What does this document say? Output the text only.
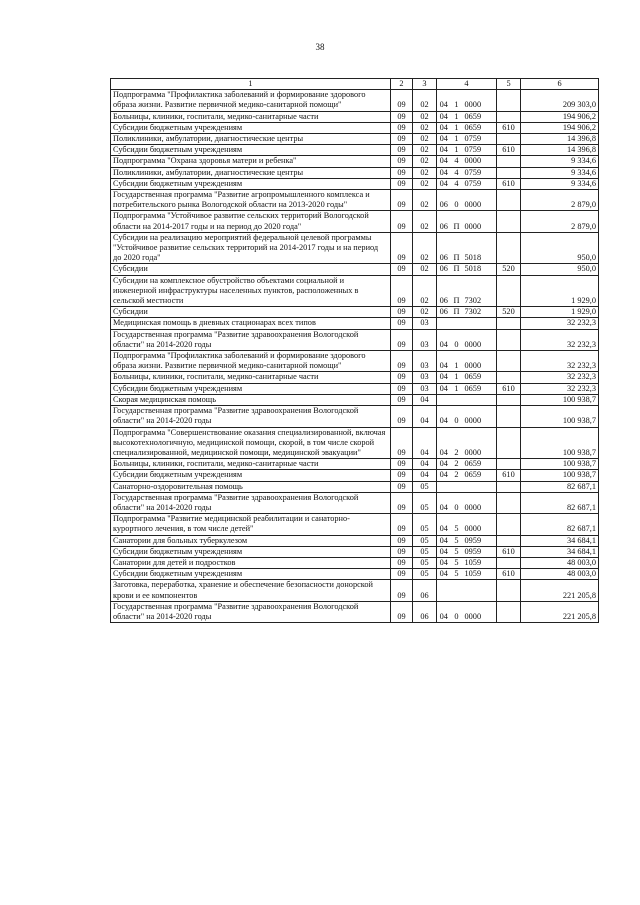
38
1	2	3	4			5	6
Подпрограмма "Профилактика заболеваний и формирование здорового образа жизни. Развитие первичной медико-санитарной помощи"	09	02	04	1	0000		209 303,0
Больницы, клиники, госпитали, медико-санитарные части	09	02	04	1	0659		194 906,2
Субсидии бюджетным учреждениям	09	02	04	1	0659	610	194 906,2
Поликлиники, амбулатории, диагностические центры	09	02	04	1	0759		14 396,8
Субсидии бюджетным учреждениям	09	02	04	1	0759	610	14 396,8
Подпрограмма "Охрана здоровья матери и ребенка"	09	02	04	4	0000		9 334,6
Поликлиники, амбулатории, диагностические центры	09	02	04	4	0759		9 334,6
Субсидии бюджетным учреждениям	09	02	04	4	0759	610	9 334,6
Государственная программа "Развитие агропромышленного комплекса и потребительского рынка Вологодской области на 2013-2020 годы"	09	02	06	0	0000		2 879,0
Подпрограмма "Устойчивое развитие сельских территорий Вологодской области на 2014-2017 годы и на период до 2020 года"	09	02	06	П	0000		2 879,0
Субсидии на реализацию мероприятий федеральной целевой программы "Устойчивое развитие сельских территорий на 2014-2017 годы и на период до 2020 года"	09	02	06	П	5018		950,0
Субсидии	09	02	06	П	5018	520	950,0
Субсидии на комплексное обустройство объектами социальной и инженерной инфраструктуры населенных пунктов, расположенных в сельской местности	09	02	06	П	7302		1 929,0
Субсидии	09	02	06	П	7302	520	1 929,0
Медицинская помощь в дневных стационарах всех типов	09	03					32 232,3
Государственная программа "Развитие здравоохранения Вологодской области" на 2014-2020 годы	09	03	04	0	0000		32 232,3
Подпрограмма "Профилактика заболеваний и формирование здорового образа жизни. Развитие первичной медико-санитарной помощи"	09	03	04	1	0000		32 232,3
Больницы, клиники, госпитали, медико-санитарные части	09	03	04	1	0659		32 232,3
Субсидии бюджетным учреждениям	09	03	04	1	0659	610	32 232,3
Скорая медицинская помощь	09	04					100 938,7
Государственная программа "Развитие здравоохранения Вологодской области" на 2014-2020 годы	09	04	04	0	0000		100 938,7
Подпрограмма "Совершенствование оказания специализированной, включая высокотехнологичную, медицинской помощи, скорой, в том числе скорой специализированной, медицинской помощи, медицинской эвакуации"	09	04	04	2	0000		100 938,7
Больницы, клиники, госпитали, медико-санитарные части	09	04	04	2	0659		100 938,7
Субсидии бюджетным учреждениям	09	04	04	2	0659	610	100 938,7
Санаторно-оздоровительная помощь	09	05					82 687,1
Государственная программа "Развитие здравоохранения Вологодской области" на 2014-2020 годы	09	05	04	0	0000		82 687,1
Подпрограмма "Развитие медицинской реабилитации и санаторно-курортного лечения, в том числе детей"	09	05	04	5	0000		82 687,1
Санатории для больных туберкулезом	09	05	04	5	0959		34 684,1
Субсидии бюджетным учреждениям	09	05	04	5	0959	610	34 684,1
Санатории для детей и подростков	09	05	04	5	1059		48 003,0
Субсидии бюджетным учреждениям	09	05	04	5	1059	610	48 003,0
Заготовка, переработка, хранение и обеспечение безопасности донорской крови и ее компонентов	09	06					221 205,8
Государственная программа "Развитие здравоохранения Вологодской области" на 2014-2020 годы	09	06	04	0	0000		221 205,8
